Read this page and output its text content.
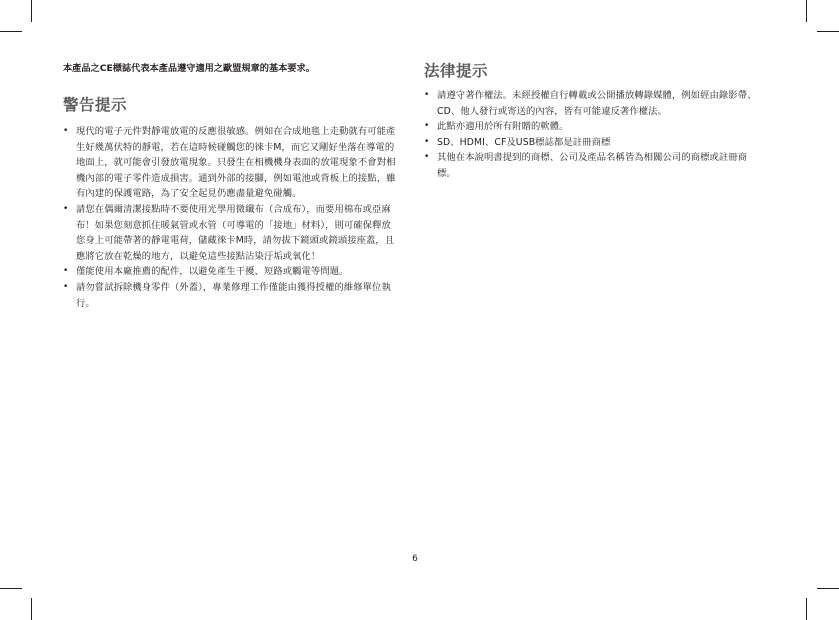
本產品之CE標誌代表本產品遵守適用之歐盟規章的基本要求。
警告提示
• 現代的電子元件對靜電放電的反應很敏感。例如在合成地毯上走動就有可能產生好幾萬伏特的靜電，若在這時候碰觸您的徠卡M，而它又剛好坐落在導電的地面上，就可能會引發放電現象。只發生在相機機身表面的放電現象不會對相機內部的電子零件造成損害。通到外部的接腳，例如電池或背板上的接點，雖有內建的保護電路，為了安全起見仍應盡量避免碰觸。
• 請您在偶爾清潔接點時不要使用光學用微纖布（合成布），而要用棉布或亞麻布！如果您刻意抓住暖氣管或水管（可導電的「接地」材料），則可確保釋放您身上可能帶著的靜電電荷，儲藏徠卡M時，請勿拔下鏡頭或鏡頭接座蓋，且應將它放在乾燥的地方，以避免這些接點沾染汙垢或氧化！
• 僅能使用本廠推薦的配件，以避免產生干擾、短路或觸電等問題。
• 請勿嘗試拆除機身零件（外蓋），專業修理工作僅能由獲得授權的維修單位執行。
法律提示
• 請遵守著作權法。未經授權自行轉載或公開播放轉錄媒體，例如經由錄影帶、CD、他人發行或寄送的內容，皆有可能違反著作權法。
• 此點亦適用於所有附贈的軟體。
• SD、HDMI、CF及USB標誌都是註冊商標
• 其他在本說明書提到的商標、公司及產品名稱皆為相關公司的商標或註冊商標。
6
